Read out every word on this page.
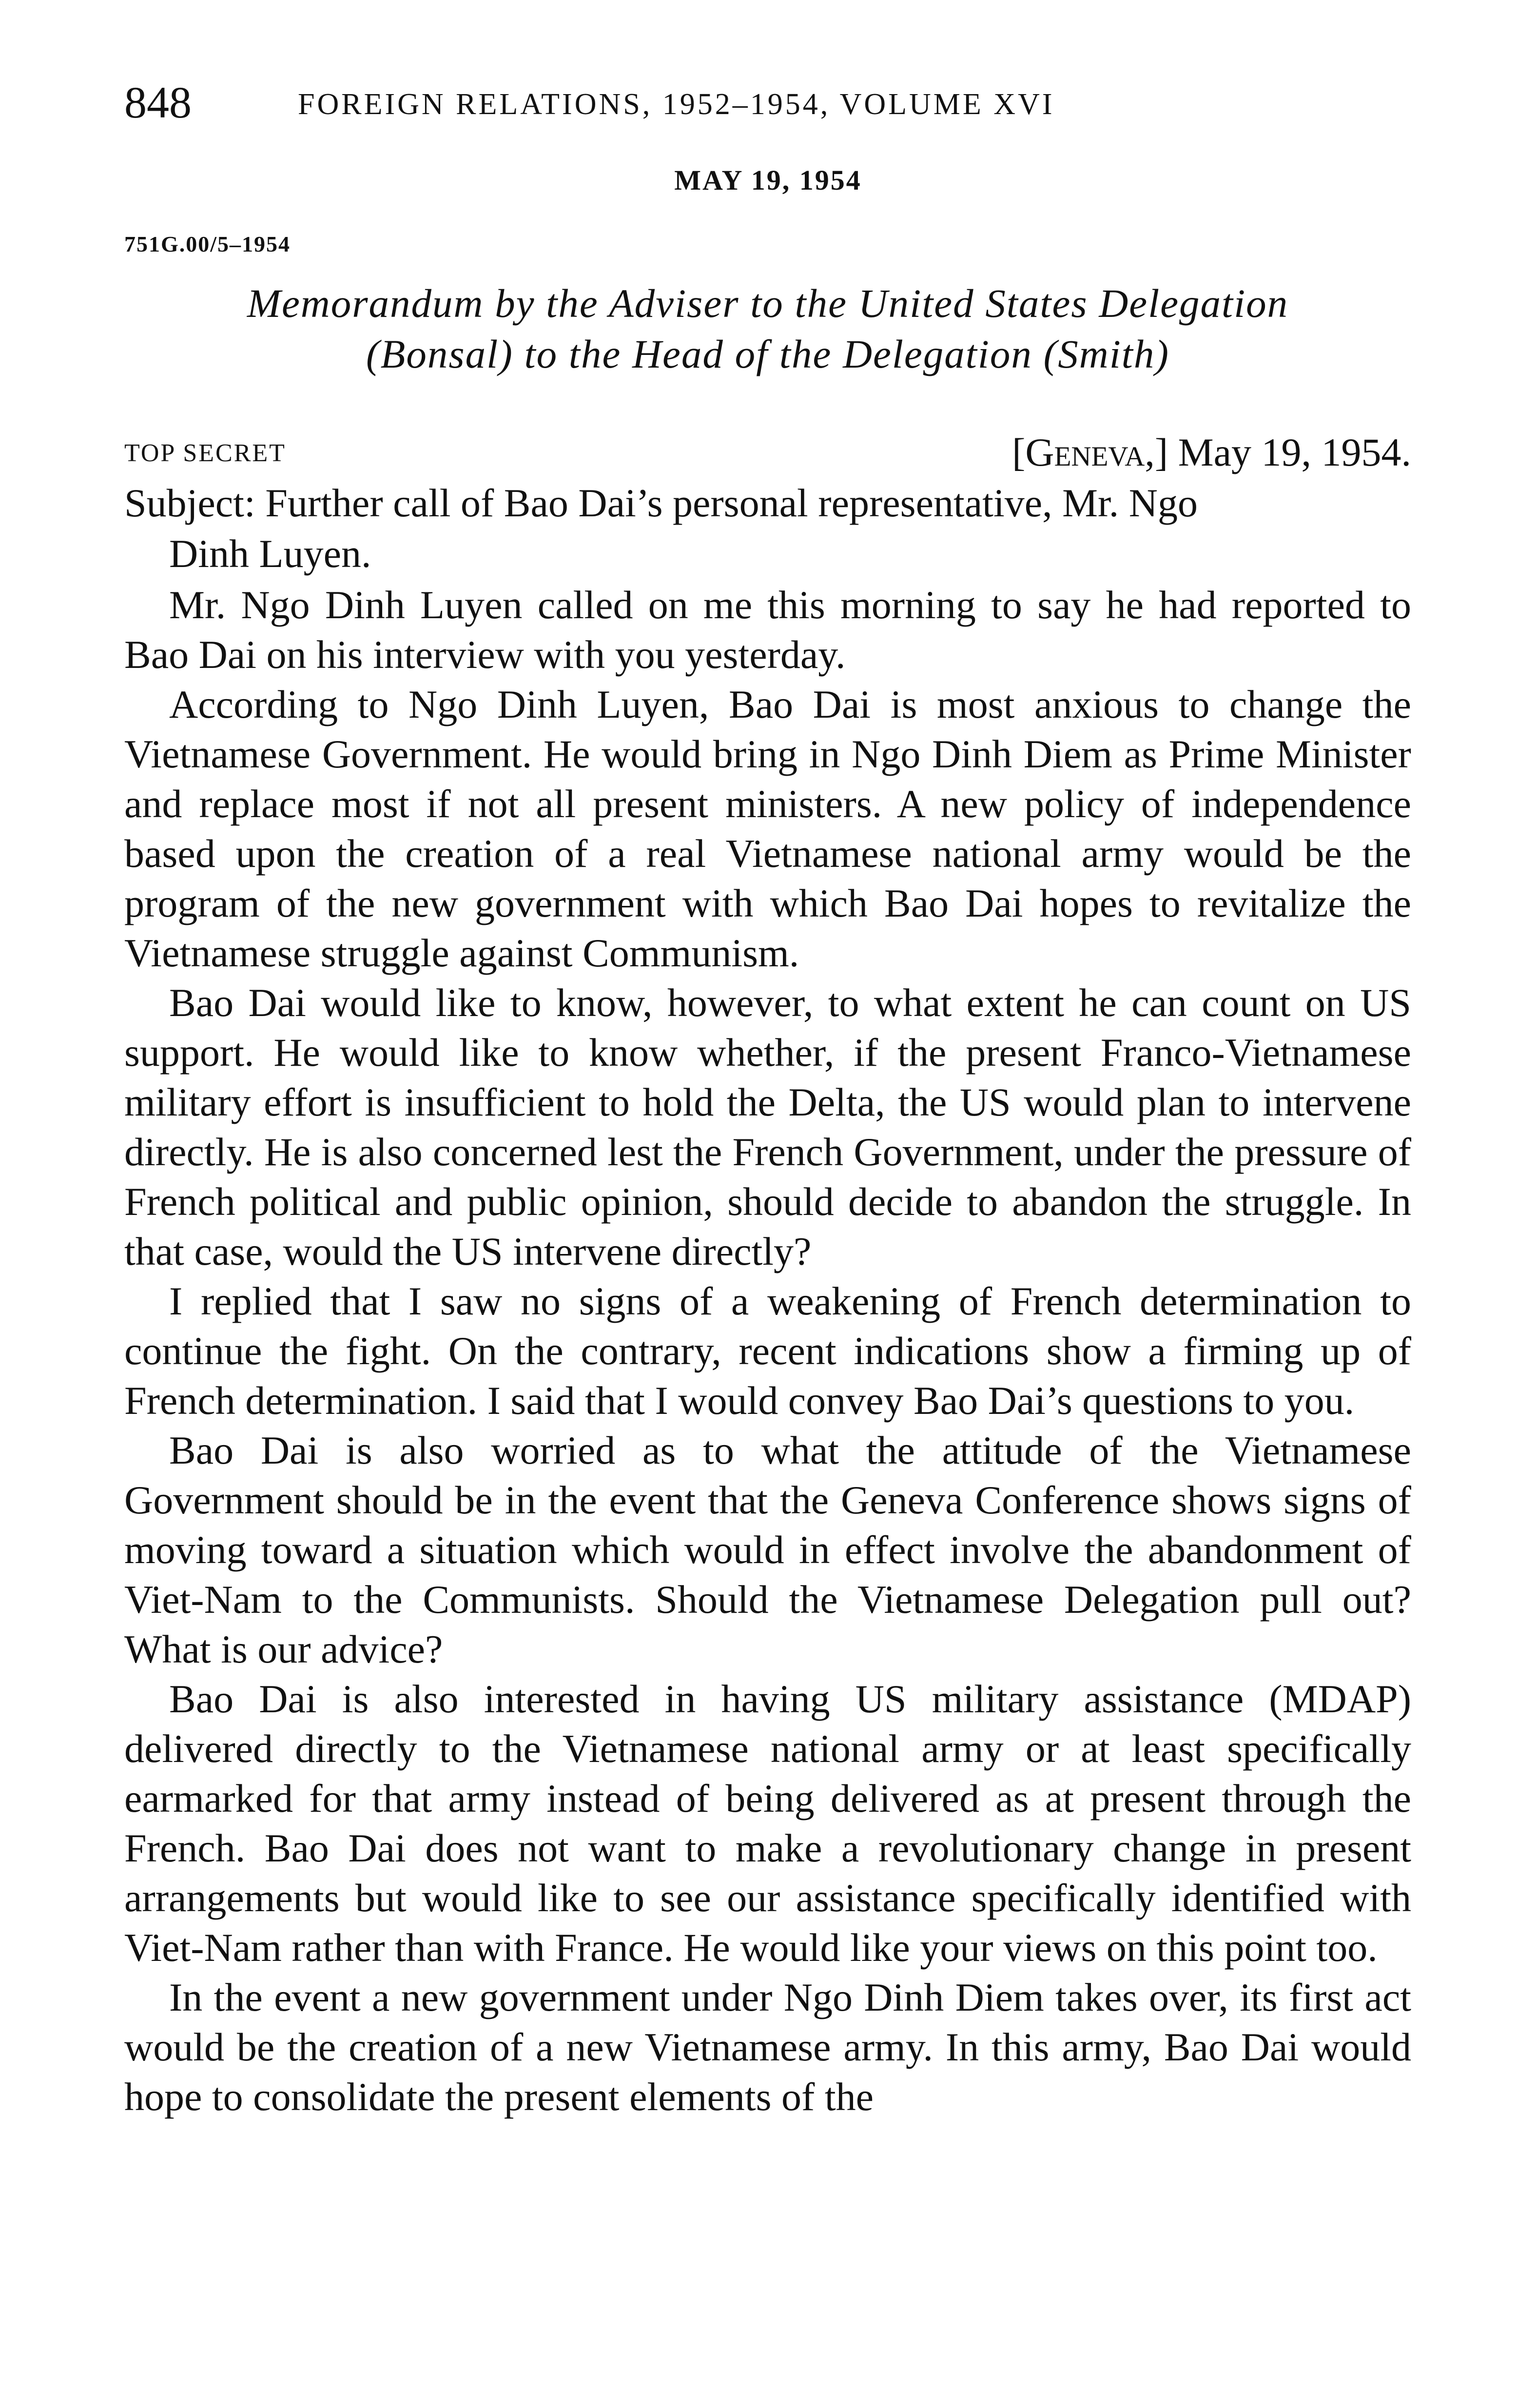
848	FOREIGN RELATIONS, 1952–1954, VOLUME XVI
MAY 19, 1954
751G.00/5–1954
Memorandum by the Adviser to the United States Delegation
(Bonsal) to the Head of the Delegation (Smith)
TOP SECRET	[Geneva,] May 19, 1954.
Subject: Further call of Bao Dai’s personal representative, Mr. Ngo
Dinh Luyen.

Mr. Ngo Dinh Luyen called on me this morning to say he had reported to Bao Dai on his interview with you yesterday.

According to Ngo Dinh Luyen, Bao Dai is most anxious to change the Vietnamese Government. He would bring in Ngo Dinh Diem as Prime Minister and replace most if not all present ministers. A new policy of independence based upon the creation of a real Vietnamese national army would be the program of the new government with which Bao Dai hopes to revitalize the Vietnamese struggle against Communism.

Bao Dai would like to know, however, to what extent he can count on US support. He would like to know whether, if the present Franco-Vietnamese military effort is insufficient to hold the Delta, the US would plan to intervene directly. He is also concerned lest the French Government, under the pressure of French political and public opinion, should decide to abandon the struggle. In that case, would the US intervene directly?

I replied that I saw no signs of a weakening of French determination to continue the fight. On the contrary, recent indications show a firming up of French determination. I said that I would convey Bao Dai’s questions to you.

Bao Dai is also worried as to what the attitude of the Vietnamese Government should be in the event that the Geneva Conference shows signs of moving toward a situation which would in effect involve the abandonment of Viet-Nam to the Communists. Should the Vietnamese Delegation pull out? What is our advice?

Bao Dai is also interested in having US military assistance (MDAP) delivered directly to the Vietnamese national army or at least specifically earmarked for that army instead of being delivered as at present through the French. Bao Dai does not want to make a revolutionary change in present arrangements but would like to see our assistance specifically identified with Viet-Nam rather than with France. He would like your views on this point too.

In the event a new government under Ngo Dinh Diem takes over, its first act would be the creation of a new Vietnamese army. In this army, Bao Dai would hope to consolidate the present elements of the
